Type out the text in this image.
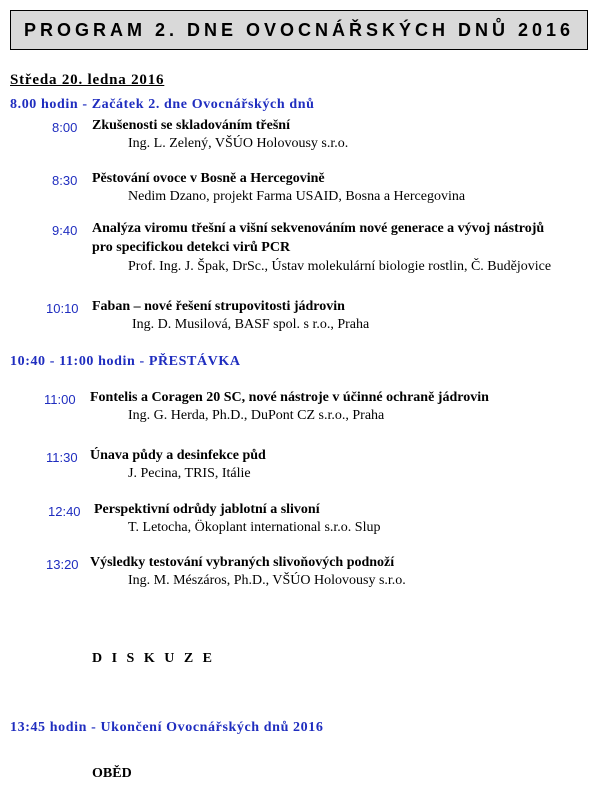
PROGRAM 2. DNE OVOCNÁŘSKÝCH DNŮ 2016
Středa 20. ledna 2016
8.00 hodin - Začátek 2. dne Ovocnářských dnů
8:00 Zkušenosti se skladováním třešní
Ing. L. Zelený, VŠÚO Holovousy s.r.o.
8:30 Pěstování ovoce v Bosně a Hercegovině
Nedim Dzano, projekt Farma USAID, Bosna a Hercegovina
9:40 Analýza viromu třešní a višní sekvenováním nové generace a vývoj nástrojů
pro specifickou detekci virů PCR
Prof. Ing. J. Špak, DrSc., Ústav molekulární biologie rostlin, Č. Budějovice
10:10 Faban – nové řešení strupovitosti jádrovin
Ing. D. Musilová, BASF spol. s r.o., Praha
10:40 - 11:00 hodin - PŘESTÁVKA
11:00 Fontelis a Coragen 20 SC, nové nástroje v účinné ochraně jádrovin
Ing. G. Herda, Ph.D., DuPont CZ s.r.o., Praha
11:30 Únava půdy a desinfekce půd
J. Pecina, TRIS, Itálie
12:40 Perspektivní odrůdy jablotní a slivoní
T. Letocha, Ökoplant international s.r.o. Slup
13:20 Výsledky testování vybraných slivoňových podnoží
Ing. M. Mészáros, Ph.D., VŠÚO Holovousy s.r.o.
D I S K U Z E
13:45 hodin - Ukončení Ovocnářských dnů 2016
OBĚD
